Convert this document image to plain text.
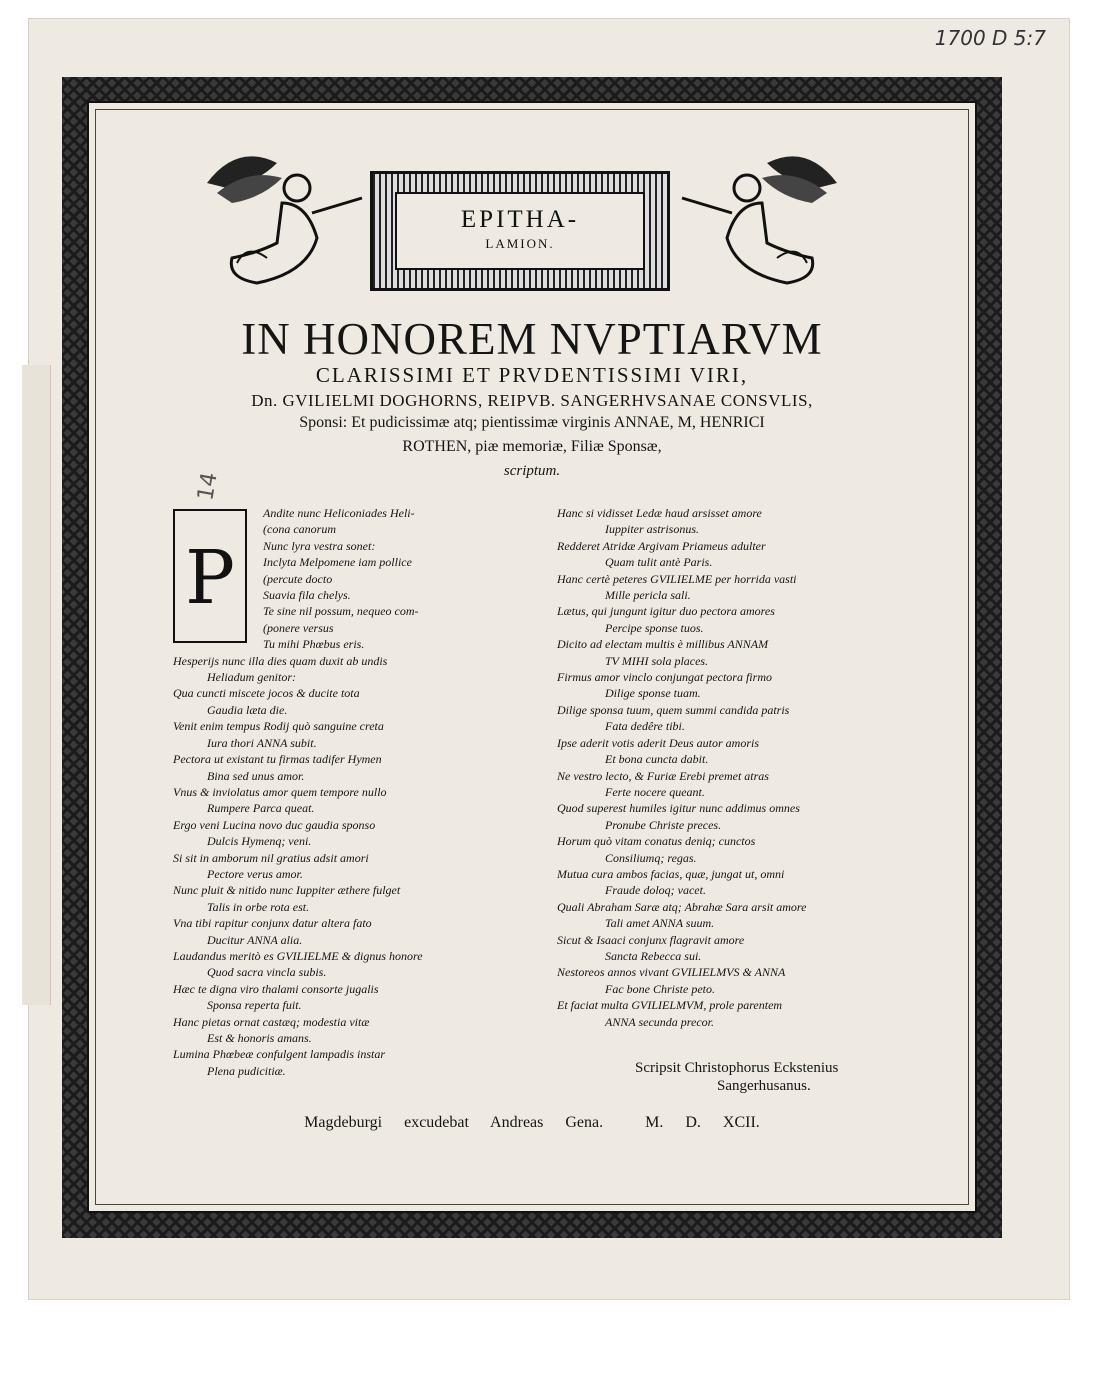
1700 D 5:7
EPITHA-
LAMION.
IN HONOREM NVPTIARVM
CLARISSIMI ET PRVDENTISSIMI VIRI,
Dn. GVILIELMI DOGHORNS, REIPVB. SANGERHVSANAE CONSVLIS,
Sponsi: Et pudicissimæ atq; pientissimæ virginis ANNAE, M, HENRICI
ROTHEN, piæ memoriæ, Filiæ Sponsæ,
scriptum.
14
P
Andite nunc Heliconiades Heli-
(cona canorum
Nunc lyra vestra sonet:
Inclyta Melpomene iam pollice
(percute docto
Suavia fila chelys.
Te sine nil possum, nequeo com-
(ponere versus
Tu mihi Phœbus eris.
Hesperijs nunc illa dies quam duxit ab undis
Heliadum genitor:
Qua cuncti miscete jocos & ducite tota
Gaudia læta die.
Venit enim tempus Rodij quò sanguine creta
Iura thori ANNA subit.
Pectora ut existant tu firmas tadifer Hymen
Bina sed unus amor.
Vnus & inviolatus amor quem tempore nullo
Rumpere Parca queat.
Ergo veni Lucina novo duc gaudia sponso
Dulcis Hymenq; veni.
Si sit in amborum nil gratius adsit amori
Pectore verus amor.
Nunc pluit & nitido nunc Iuppiter æthere fulget
Talis in orbe rota est.
Vna tibi rapitur conjunx datur altera fato
Ducitur ANNA alia.
Laudandus meritò es GVILIELME & dignus honore
Quod sacra vincla subis.
Hæc te digna viro thalami consorte jugalis
Sponsa reperta fuit.
Hanc pietas ornat castæq; modestia vitæ
Est & honoris amans.
Lumina Phœbeæ confulgent lampadis instar
Plena pudicitiæ.
Hanc si vidisset Ledæ haud arsisset amore
Iuppiter astrisonus.
Redderet Atridæ Argivam Priameus adulter
Quam tulit antè Paris.
Hanc certè peteres GVILIELME per horrida vasti
Mille pericla sali.
Lætus, qui jungunt igitur duo pectora amores
Percipe sponse tuos.
Dicito ad electam multis è millibus ANNAM
TV MIHI sola places.
Firmus amor vinclo conjungat pectora firmo
Dilige sponse tuam.
Dilige sponsa tuum, quem summi candida patris
Fata dedêre tibi.
Ipse aderit votis aderit Deus autor amoris
Et bona cuncta dabit.
Ne vestro lecto, & Furiæ Erebi premet atras
Ferte nocere queant.
Quod superest humiles igitur nunc addimus omnes
Pronube Christe preces.
Horum quò vitam conatus deniq; cunctos
Consiliumq; regas.
Mutua cura ambos facias, quæ, jungat ut, omni
Fraude doloq; vacet.
Quali Abraham Saræ atq; Abrahæ Sara arsit amore
Tali amet ANNA suum.
Sicut & Isaaci conjunx flagravit amore
Sancta Rebecca sui.
Nestoreos annos vivant GVILIELMVS & ANNA
Fac bone Christe peto.
Et faciat multa GVILIELMVM, prole parentem
ANNA secunda precor.
Scripsit Christophorus Eckstenius
Sangerhusanus.
Magdeburgi excudebat Andreas Gena.	M. D. XCII.
